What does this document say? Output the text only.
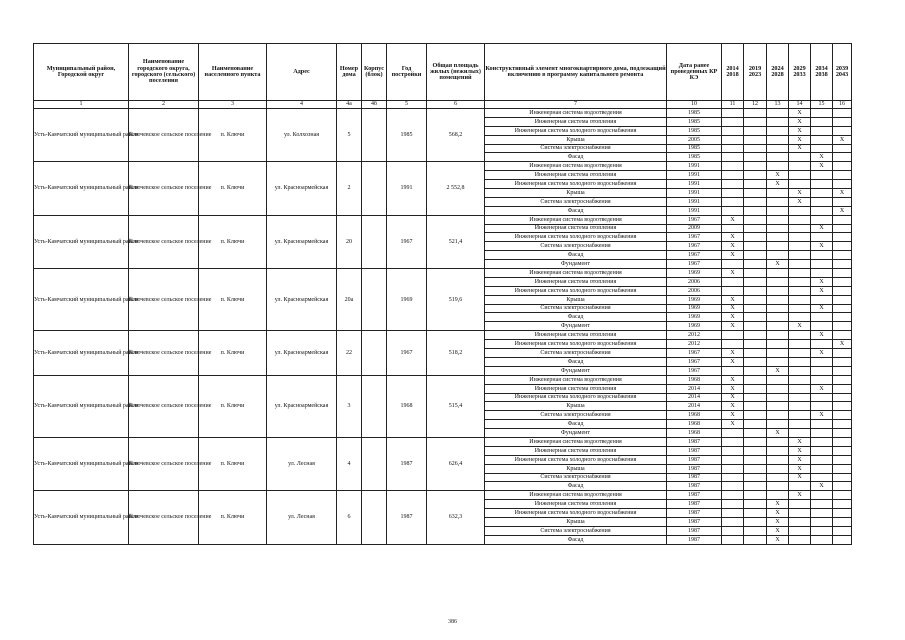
Муниципальный район, Городской округ	Наименование городского округа, городского (сельского) поселения	Наименование населенного пункта	Адрес	Номер дома	Корпус (блок)	Год постройки	Общая площадь жилых (нежилых) помещений	Конструктивный элемент многоквартирного дома, подлежащий включению в программу капитального ремонта	Дата ранее проведенных КР КЭ	2014 2018	2019 2023	2024 2028	2029 2033	2034 2038	2039 2043
1	2	3	4	4а	4б	5	6	7	10	11	12	13	14	15	16
Усть-Камчатский муниципальный район	Ключевское сельское поселение	п. Ключи	ул. Колхозная	5		1985	568,2	Инженерная система водоотведения	1985				X		
								Инженерная система отопления	1985				X		
								Инженерная система холодного водоснабжения	1985				X		
								Крыша	2005				X		X
								Система электроснабжения	1985				X		
								Фасад	1985					X	
Усть-Камчатский муниципальный район	Ключевское сельское поселение	п. Ключи	ул. Красноармейская	2		1991	2 552,8	Инженерная система водоотведения	1991					X	
								Инженерная система отопления	1991			X			
								Инженерная система холодного водоснабжения	1991			X			
								Крыша	1991				X		X
								Система электроснабжения	1991				X		
								Фасад	1991						X
Усть-Камчатский муниципальный район	Ключевское сельское поселение	п. Ключи	ул. Красноармейская	20		1967	521,4	Инженерная система водоотведения	1967	X					
								Инженерная система отопления	2009					X	
								Инженерная система холодного водоснабжения	1967	X					
								Система электроснабжения	1967	X				X	
								Фасад	1967	X					
								Фундамент	1967			X			
Усть-Камчатский муниципальный район	Ключевское сельское поселение	п. Ключи	ул. Красноармейская	20а		1969	519,6	Инженерная система водоотведения	1969	X					
								Инженерная система отопления	2006					X	
								Инженерная система холодного водоснабжения	2006					X	
								Крыша	1969	X					
								Система электроснабжения	1969	X				X	
								Фасад	1969	X					
								Фундамент	1969	X			X		
Усть-Камчатский муниципальный район	Ключевское сельское поселение	п. Ключи	ул. Красноармейская	22		1967	518,2	Инженерная система отопления	2012					X	
								Инженерная система холодного водоснабжения	2012						X
								Система электроснабжения	1967	X				X	
								Фасад	1967	X					
								Фундамент	1967			X			
Усть-Камчатский муниципальный район	Ключевское сельское поселение	п. Ключи	ул. Красноармейская	3		1968	515,4	Инженерная система водоотведения	1968	X					
								Инженерная система отопления	2014	X				X	
								Инженерная система холодного водоснабжения	2014	X					
								Крыша	2014	X					
								Система электроснабжения	1968	X				X	
								Фасад	1968	X					
								Фундамент	1968			X			
Усть-Камчатский муниципальный район	Ключевское сельское поселение	п. Ключи	ул. Лесная	4		1987	626,4	Инженерная система водоотведения	1987				X		
								Инженерная система отопления	1987				X		
								Инженерная система холодного водоснабжения	1987				X		
								Крыша	1987				X		
								Система электроснабжения	1987				X		
								Фасад	1987					X	
Усть-Камчатский муниципальный район	Ключевское сельское поселение	п. Ключи	ул. Лесная	6		1987	632,3	Инженерная система водоотведения	1987				X		
								Инженерная система отопления	1987			X			
								Инженерная система холодного водоснабжения	1987			X			
								Крыша	1987			X			
								Система электроснабжения	1987			X			
								Фасад	1987			X			
386
